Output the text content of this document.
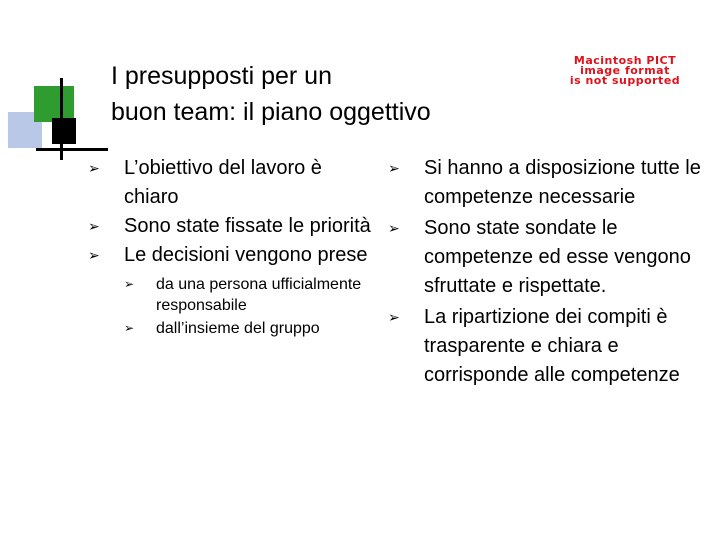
I presupposti per un
buon team: il piano oggettivo
Macintosh PICT
image format
is not supported
➢ L’obiettivo del lavoro è chiaro
➢ Sono state fissate le priorità
➢ Le decisioni vengono prese
➢ da una persona ufficialmente responsabile
➢ dall’insieme del gruppo
➢ Si hanno a disposizione tutte le competenze necessarie
➢ Sono state sondate le competenze ed esse vengono sfruttate e rispettate.
➢ La ripartizione dei compiti è trasparente e chiara e corrisponde alle competenze
